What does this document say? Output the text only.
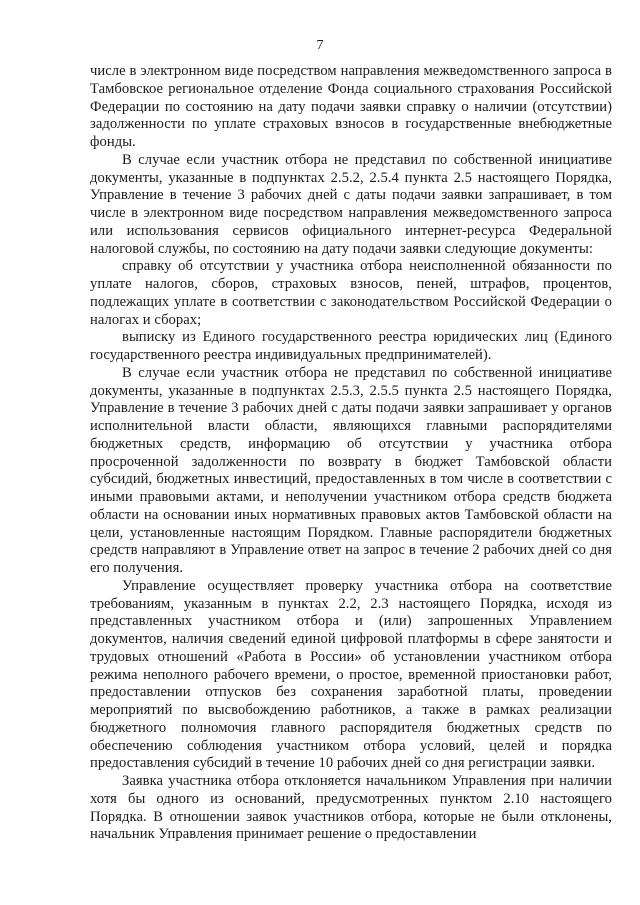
7

числе в электронном виде посредством направления межведомственного запроса в Тамбовское региональное отделение Фонда социального страхования Российской Федерации по состоянию на дату подачи заявки справку о наличии (отсутствии) задолженности по уплате страховых взносов в государственные внебюджетные фонды.

В случае если участник отбора не представил по собственной инициативе документы, указанные в подпунктах 2.5.2, 2.5.4 пункта 2.5 настоящего Порядка, Управление в течение 3 рабочих дней с даты подачи заявки запрашивает, в том числе в электронном виде посредством направления межведомственного запроса или использования сервисов официального интернет-ресурса Федеральной налоговой службы, по состоянию на дату подачи заявки следующие документы:

справку об отсутствии у участника отбора неисполненной обязанности по уплате налогов, сборов, страховых взносов, пеней, штрафов, процентов, подлежащих уплате в соответствии с законодательством Российской Федерации о налогах и сборах;

выписку из Единого государственного реестра юридических лиц (Единого государственного реестра индивидуальных предпринимателей).

В случае если участник отбора не представил по собственной инициативе документы, указанные в подпунктах 2.5.3, 2.5.5 пункта 2.5 настоящего Порядка, Управление в течение 3 рабочих дней с даты подачи заявки запрашивает у органов исполнительной власти области, являющихся главными распорядителями бюджетных средств, информацию об отсутствии у участника отбора просроченной задолженности по возврату в бюджет Тамбовской области субсидий, бюджетных инвестиций, предоставленных в том числе в соответствии с иными правовыми актами, и неполучении участником отбора средств бюджета области на основании иных нормативных правовых актов Тамбовской области на цели, установленные настоящим Порядком. Главные распорядители бюджетных средств направляют в Управление ответ на запрос в течение 2 рабочих дней со дня его получения.

Управление осуществляет проверку участника отбора на соответствие требованиям, указанным в пунктах 2.2, 2.3 настоящего Порядка, исходя из представленных участником отбора и (или) запрошенных Управлением документов, наличия сведений единой цифровой платформы в сфере занятости и трудовых отношений «Работа в России» об установлении участником отбора режима неполного рабочего времени, о простое, временной приостановки работ, предоставлении отпусков без сохранения заработной платы, проведении мероприятий по высвобождению работников, а также в рамках реализации бюджетного полномочия главного распорядителя бюджетных средств по обеспечению соблюдения участником отбора условий, целей и порядка предоставления субсидий в течение 10 рабочих дней со дня регистрации заявки.

Заявка участника отбора отклоняется начальником Управления при наличии хотя бы одного из оснований, предусмотренных пунктом 2.10 настоящего Порядка. В отношении заявок участников отбора, которые не были отклонены, начальник Управления принимает решение о предоставлении
